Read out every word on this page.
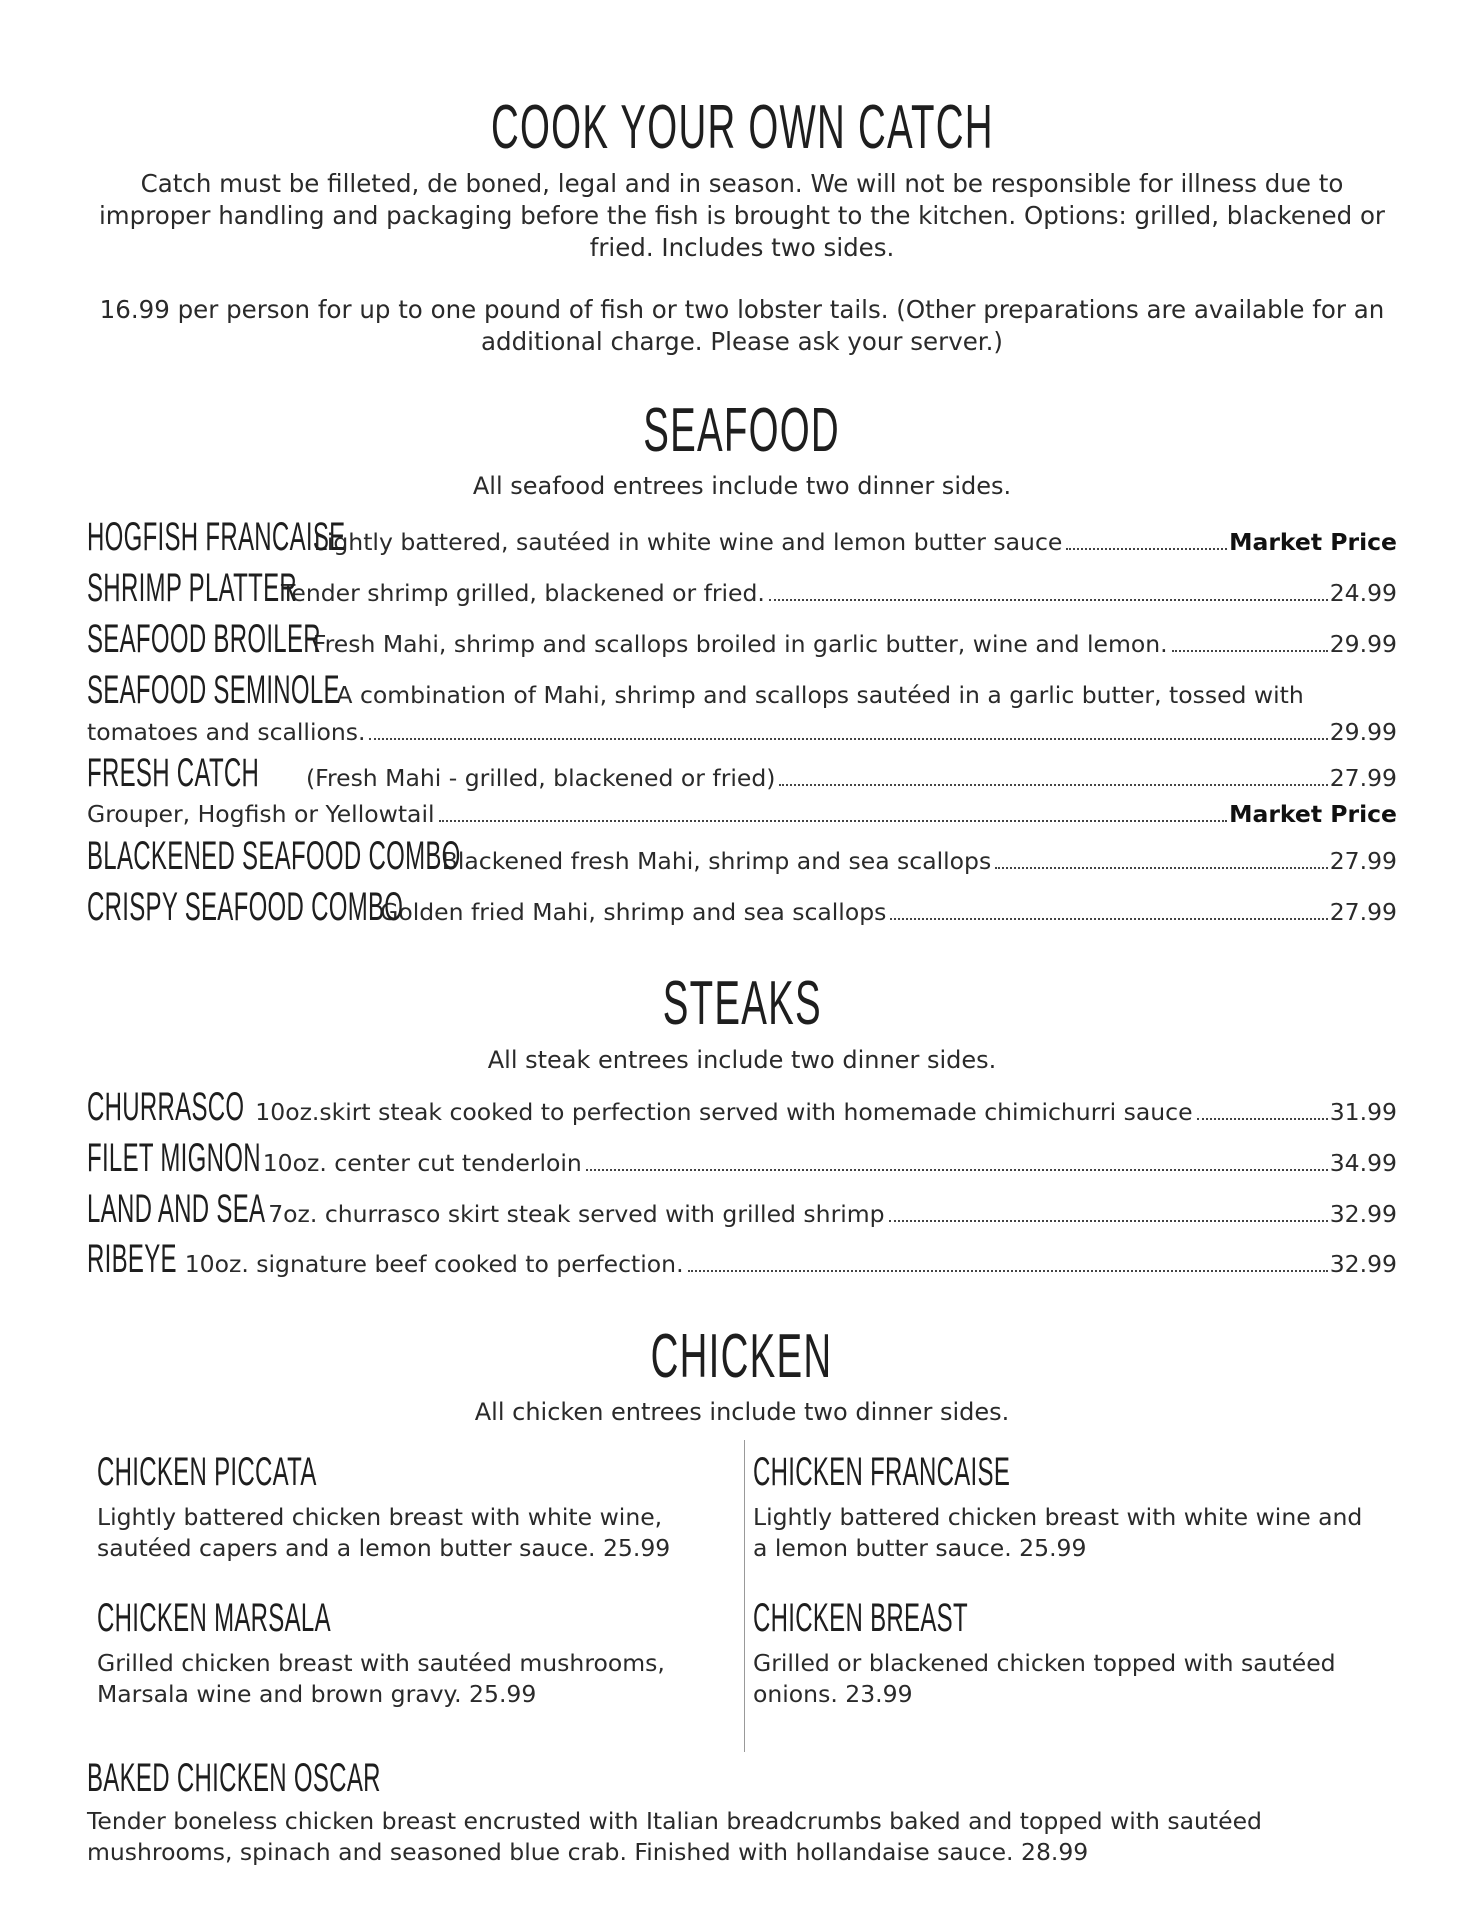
COOK YOUR OWN CATCH
Catch must be filleted, de boned, legal and in season. We will not be responsible for illness due to improper handling and packaging before the fish is brought to the kitchen. Options: grilled, blackened or fried. Includes two sides.
16.99 per person for up to one pound of fish or two lobster tails. (Other preparations are available for an additional charge. Please ask your server.)
SEAFOOD
All seafood entrees include two dinner sides.
HOGFISH FRANCAISE
Lightly battered, sautéed in white wine and lemon butter sauce	Market Price
SHRIMP PLATTER
Tender shrimp grilled, blackened or fried.	24.99
SEAFOOD BROILER
Fresh Mahi, shrimp and scallops broiled in garlic butter, wine and lemon.	29.99
SEAFOOD SEMINOLE
A combination of Mahi, shrimp and scallops sautéed in a garlic butter, tossed with
tomatoes and scallions.	29.99
FRESH CATCH (Fresh Mahi - grilled, blackened or fried)	27.99
Grouper, Hogfish or Yellowtail	Market Price
BLACKENED SEAFOOD COMBO
Blackened fresh Mahi, shrimp and sea scallops	27.99
CRISPY SEAFOOD COMBO
Golden fried Mahi, shrimp and sea scallops	27.99
STEAKS
All steak entrees include two dinner sides.
CHURRASCO 10oz.skirt steak cooked to perfection served with homemade chimichurri sauce	31.99
FILET MIGNON 10oz. center cut tenderloin	34.99
LAND AND SEA 7oz. churrasco skirt steak served with grilled shrimp	32.99
RIBEYE 10oz. signature beef cooked to perfection.	32.99
CHICKEN
All chicken entrees include two dinner sides.
CHICKEN PICCATA
Lightly battered chicken breast with white wine,
sautéed capers and a lemon butter sauce. 25.99
CHICKEN FRANCAISE
Lightly battered chicken breast with white wine and
a lemon butter sauce. 25.99
CHICKEN MARSALA
Grilled chicken breast with sautéed mushrooms,
Marsala wine and brown gravy. 25.99
CHICKEN BREAST
Grilled or blackened chicken topped with sautéed
onions. 23.99
BAKED CHICKEN OSCAR
Tender boneless chicken breast encrusted with Italian breadcrumbs baked and topped with sautéed
mushrooms, spinach and seasoned blue crab. Finished with hollandaise sauce. 28.99
